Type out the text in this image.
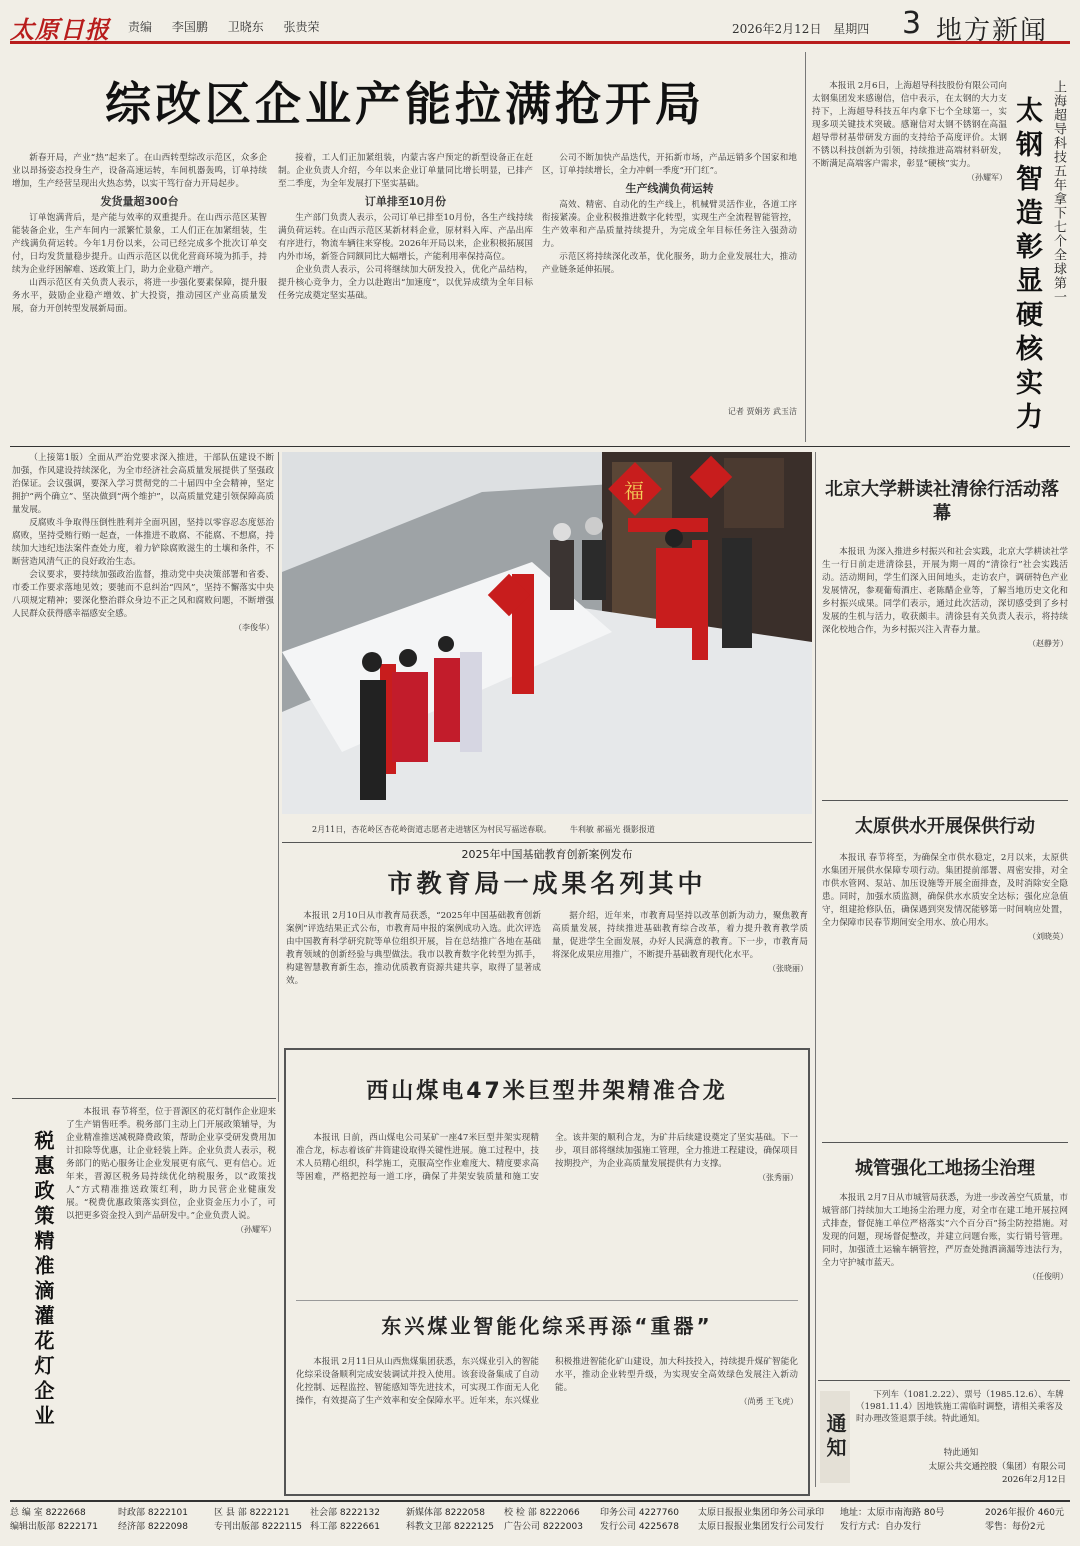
太原日报 责编 李国鹏 卫晓东 张贵荣	2026年2月12日 星期四 3 地方新闻
综改区企业产能拉满抢开局

新春开局，产业“热”起来了。在山西转型综改示范区，众多企业以昂扬姿态投身生产，设备高速运转，车间机器轰鸣，订单持续增加，生产经营呈现出火热态势，以实干笃行奋力开局起步。

发货量超300台

订单饱满背后，是产能与效率的双重提升。在山西示范区某智能装备企业，生产车间内一派繁忙景象，工人们正在加紧组装，生产线满负荷运转。今年1月份以来，公司已经完成多个批次订单交付，日均发货量稳步提升。山西示范区以优化营商环境为抓手，持续为企业纾困解难、送政策上门，助力企业稳产增产。

山西示范区有关负责人表示，将进一步强化要素保障，提升服务水平，鼓励企业稳产增效、扩大投资，推动园区产业高质量发展，奋力开创转型发展新局面。

接着，工人们正加紧组装，内蒙古客户预定的新型设备正在赶制。企业负责人介绍，今年以来企业订单量同比增长明显，已排产至二季度，为全年发展打下坚实基础。

订单排至10月份

生产部门负责人表示，公司订单已排至10月份，各生产线持续满负荷运转。在山西示范区某新材料企业，原材料入库、产品出库有序进行，物流车辆往来穿梭。2026年开局以来，企业积极拓展国内外市场，新签合同额同比大幅增长，产能利用率保持高位。

企业负责人表示，公司将继续加大研发投入，优化产品结构，提升核心竞争力，全力以赴跑出“加速度”，以优异成绩为全年目标任务完成奠定坚实基础。

公司不断加快产品迭代，开拓新市场，产品远销多个国家和地区，订单持续增长，全力冲刺一季度“开门红”。

生产线满负荷运转

高效、精密、自动化的生产线上，机械臂灵活作业，各道工序衔接紧凑。企业积极推进数字化转型，实现生产全流程智能管控，生产效率和产品质量持续提升，为完成全年目标任务注入强劲动力。

示范区将持续深化改革，优化服务，助力企业发展壮大，推动产业链条延伸拓展。

记者 贾娟芳 武玉洁

本报讯 2月6日，上海超导科技股份有限公司向太钢集团发来感谢信，信中表示，在太钢的大力支持下，上海超导科技五年内拿下七个全球第一，实现多项关键技术突破。感谢信对太钢不锈钢在高温超导带材基带研发方面的支持给予高度评价。太钢不锈以科技创新为引领，持续推进高端材料研发，不断满足高端客户需求，彰显“硬核”实力。

（孙耀军）	上海超导科技五年拿下七个全球第一
太钢智造彰显硬核实力

（上接第1版）全面从严治党要求深入推进，干部队伍建设不断加强，作风建设持续深化，为全市经济社会高质量发展提供了坚强政治保证。会议强调，要深入学习贯彻党的二十届四中全会精神，坚定拥护“两个确立”、坚决做到“两个维护”，以高质量党建引领保障高质量发展。

反腐败斗争取得压倒性胜利并全面巩固，坚持以零容忍态度惩治腐败，坚持受贿行贿一起查，一体推进不敢腐、不能腐、不想腐，持续加大违纪违法案件查处力度，着力铲除腐败滋生的土壤和条件，不断营造风清气正的良好政治生态。

会议要求，要持续加强政治监督，推动党中央决策部署和省委、市委工作要求落地见效；要驰而不息纠治“四风”，坚持不懈落实中央八项规定精神；要深化整治群众身边不正之风和腐败问题，不断增强人民群众获得感幸福感安全感。

（李俊华）
福
2月11日，杏花岭区杏花岭街道志愿者走进辖区为村民写福送春联。 牛利敏 郝福光 摄影报道
北京大学耕读社清徐行活动落幕

本报讯 为深入推进乡村振兴和社会实践，北京大学耕读社学生一行日前走进清徐县，开展为期一周的“清徐行”社会实践活动。活动期间，学生们深入田间地头，走访农户，调研特色产业发展情况，参观葡萄酒庄、老陈醋企业等，了解当地历史文化和乡村振兴成果。同学们表示，通过此次活动，深切感受到了乡村发展的生机与活力，收获颇丰。清徐县有关负责人表示，将持续深化校地合作，为乡村振兴注入青春力量。

（赵静芳）
太原供水开展保供行动

本报讯 春节将至，为确保全市供水稳定，2月以来，太原供水集团开展供水保障专项行动。集团提前部署、周密安排，对全市供水管网、泵站、加压设施等开展全面排查，及时消除安全隐患。同时，加强水质监测，确保供水水质安全达标；强化应急值守，组建抢修队伍，确保遇到突发情况能够第一时间响应处置，全力保障市民春节期间安全用水、放心用水。

（刘晓英）
城管强化工地扬尘治理

本报讯 2月7日从市城管局获悉，为进一步改善空气质量，市城管部门持续加大工地扬尘治理力度，对全市在建工地开展拉网式排查，督促施工单位严格落实“六个百分百”扬尘防控措施。对发现的问题，现场督促整改，并建立问题台账，实行销号管理。同时，加强渣土运输车辆管控，严厉查处抛洒滴漏等违法行为，全力守护城市蓝天。

（任俊明）
通知
下列车（1081.2.22）、票号（1985.12.6）、车牌（1981.11.4）因地铁施工需临时调整，请相关乘客及时办理改签退票手续。特此通知。
特此通知
太原公共交通控股（集团）有限公司
2026年2月12日
2025年中国基础教育创新案例发布
市教育局一成果名列其中

本报讯 2月10日从市教育局获悉，“2025年中国基础教育创新案例”评选结果正式公布，市教育局申报的案例成功入选。此次评选由中国教育科学研究院等单位组织开展，旨在总结推广各地在基础教育领域的创新经验与典型做法。我市以教育数字化转型为抓手，构建智慧教育新生态，推动优质教育资源共建共享，取得了显著成效。

据介绍，近年来，市教育局坚持以改革创新为动力，聚焦教育高质量发展，持续推进基础教育综合改革，着力提升教育教学质量，促进学生全面发展，办好人民满意的教育。下一步，市教育局将深化成果应用推广，不断提升基础教育现代化水平。

（张晓丽）
西山煤电47米巨型井架精准合龙

本报讯 日前，西山煤电公司某矿一座47米巨型井架实现精准合龙，标志着该矿井筒建设取得关键性进展。施工过程中，技术人员精心组织，科学施工，克服高空作业难度大、精度要求高等困难，严格把控每一道工序，确保了井架安装质量和施工安全。该井架的顺利合龙，为矿井后续建设奠定了坚实基础。下一步，项目部将继续加强施工管理，全力推进工程建设，确保项目按期投产，为企业高质量发展提供有力支撑。

（张秀丽）
东兴煤业智能化综采再添“重器”

本报讯 2月11日从山西焦煤集团获悉，东兴煤业引入的智能化综采设备顺利完成安装调试并投入使用。该套设备集成了自动化控制、远程监控、智能感知等先进技术，可实现工作面无人化操作，有效提高了生产效率和安全保障水平。近年来，东兴煤业积极推进智能化矿山建设，加大科技投入，持续提升煤矿智能化水平，推动企业转型升级，为实现安全高效绿色发展注入新动能。

（尚勇 王飞虎）
税惠政策精准滴灌花灯企业

本报讯 春节将至，位于晋源区的花灯制作企业迎来了生产销售旺季。税务部门主动上门开展政策辅导，为企业精准推送减税降费政策，帮助企业享受研发费用加计扣除等优惠，让企业轻装上阵。企业负责人表示，税务部门的贴心服务让企业发展更有底气、更有信心。近年来，晋源区税务局持续优化纳税服务，以“政策找人”方式精准推送政策红利，助力民营企业健康发展。“税费优惠政策落实到位，企业资金压力小了，可以把更多资金投入到产品研发中。”企业负责人说。

（孙耀军）
总 编 室 8222668
编辑出版部 8222171
时政部 8222101
经济部 8222098
区 县 部 8222121
专刊出版部 8222115
社会部 8222132
科工部 8222661
新媒体部 8222058
科教文卫部 8222125
校 检 部 8222066
广告公司 8222003
印务公司 4227760
发行公司 4225678
太原日报报业集团印务公司承印
太原日报报业集团发行公司发行
地址：太原市南海路 80号
发行方式：自办发行
2026年报价 460元
零售：每份2元
